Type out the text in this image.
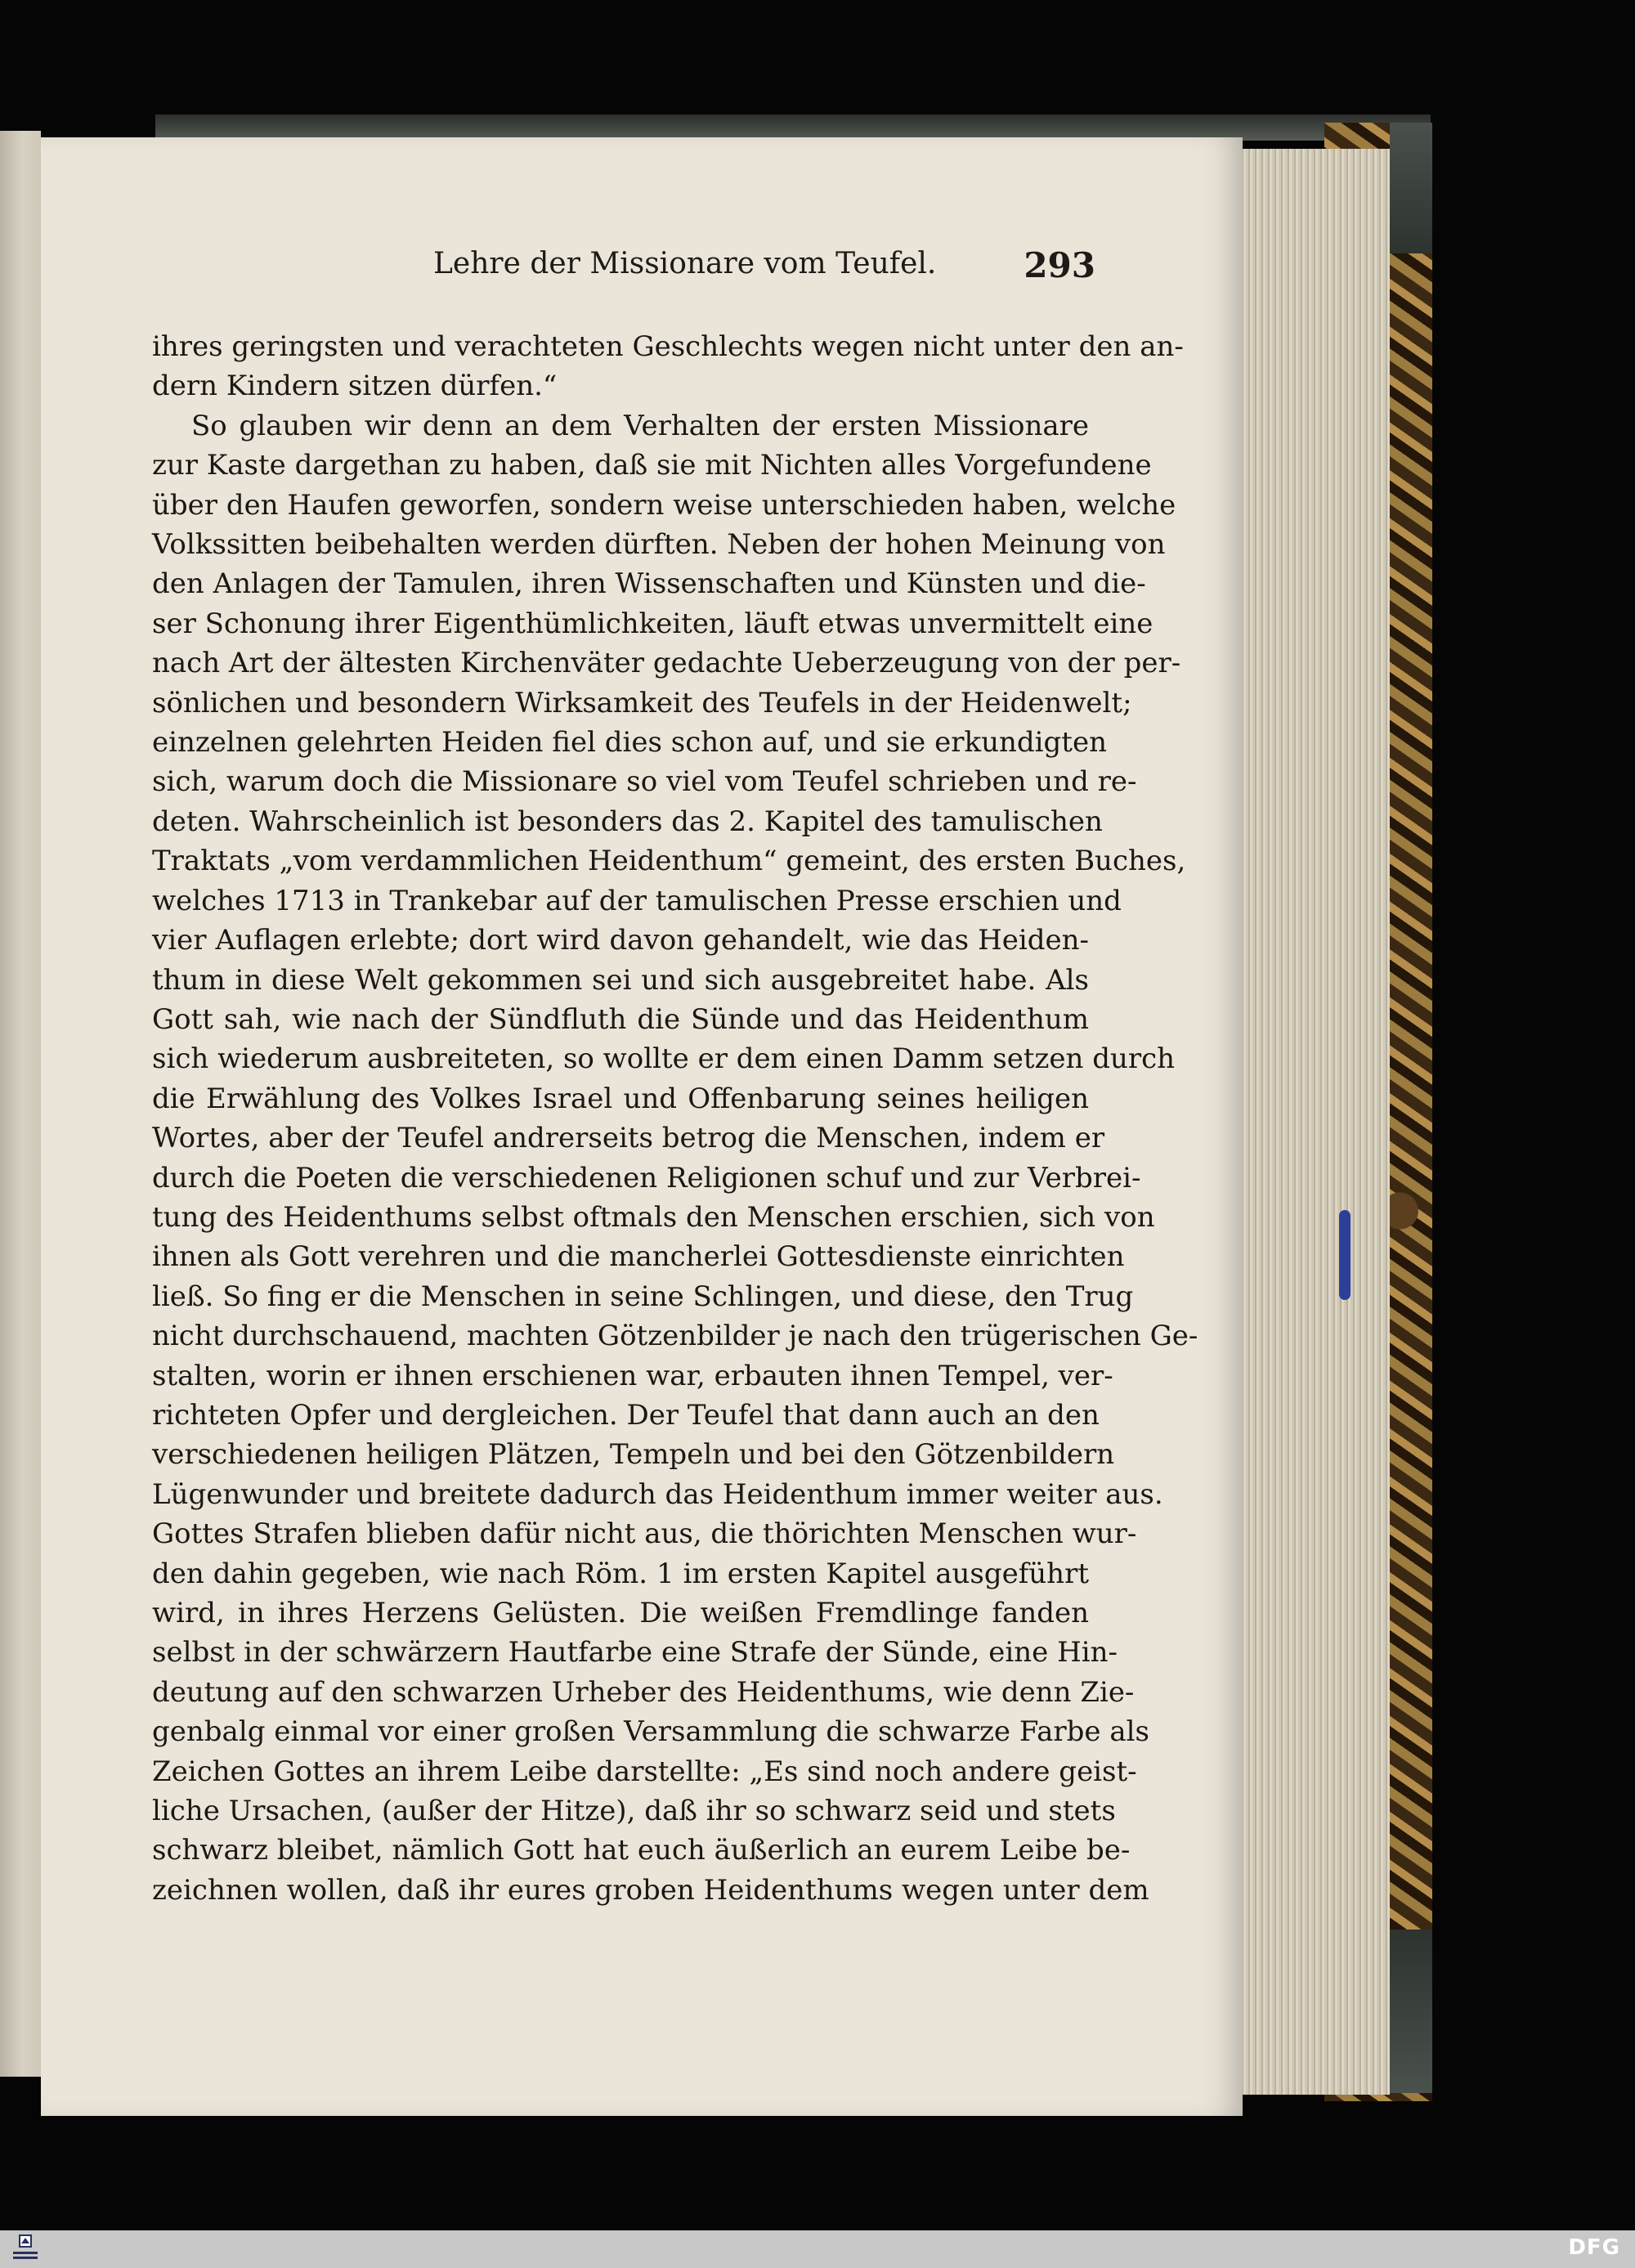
Lehre der Missionare vom Teufel.	293
ihres geringsten und verachteten Geschlechts wegen nicht unter den an-
dern Kindern sitzen dürfen.“
So glauben wir denn an dem Verhalten der ersten Missionare
zur Kaste dargethan zu haben, daß sie mit Nichten alles Vorgefundene
über den Haufen geworfen, sondern weise unterschieden haben, welche
Volkssitten beibehalten werden dürften. Neben der hohen Meinung von
den Anlagen der Tamulen, ihren Wissenschaften und Künsten und die-
ser Schonung ihrer Eigenthümlichkeiten, läuft etwas unvermittelt eine
nach Art der ältesten Kirchenväter gedachte Ueberzeugung von der per-
sönlichen und besondern Wirksamkeit des Teufels in der Heidenwelt;
einzelnen gelehrten Heiden fiel dies schon auf, und sie erkundigten
sich, warum doch die Missionare so viel vom Teufel schrieben und re-
deten. Wahrscheinlich ist besonders das 2. Kapitel des tamulischen
Traktats „vom verdammlichen Heidenthum“ gemeint, des ersten Buches,
welches 1713 in Trankebar auf der tamulischen Presse erschien und
vier Auflagen erlebte; dort wird davon gehandelt, wie das Heiden-
thum in diese Welt gekommen sei und sich ausgebreitet habe. Als
Gott sah, wie nach der Sündfluth die Sünde und das Heidenthum
sich wiederum ausbreiteten, so wollte er dem einen Damm setzen durch
die Erwählung des Volkes Israel und Offenbarung seines heiligen
Wortes, aber der Teufel andrerseits betrog die Menschen, indem er
durch die Poeten die verschiedenen Religionen schuf und zur Verbrei-
tung des Heidenthums selbst oftmals den Menschen erschien, sich von
ihnen als Gott verehren und die mancherlei Gottesdienste einrichten
ließ. So fing er die Menschen in seine Schlingen, und diese, den Trug
nicht durchschauend, machten Götzenbilder je nach den trügerischen Ge-
stalten, worin er ihnen erschienen war, erbauten ihnen Tempel, ver-
richteten Opfer und dergleichen. Der Teufel that dann auch an den
verschiedenen heiligen Plätzen, Tempeln und bei den Götzenbildern
Lügenwunder und breitete dadurch das Heidenthum immer weiter aus.
Gottes Strafen blieben dafür nicht aus, die thörichten Menschen wur-
den dahin gegeben, wie nach Röm. 1 im ersten Kapitel ausgeführt
wird, in ihres Herzens Gelüsten. Die weißen Fremdlinge fanden
selbst in der schwärzern Hautfarbe eine Strafe der Sünde, eine Hin-
deutung auf den schwarzen Urheber des Heidenthums, wie denn Zie-
genbalg einmal vor einer großen Versammlung die schwarze Farbe als
Zeichen Gottes an ihrem Leibe darstellte: „Es sind noch andere geist-
liche Ursachen, (außer der Hitze), daß ihr so schwarz seid und stets
schwarz bleibet, nämlich Gott hat euch äußerlich an eurem Leibe be-
zeichnen wollen, daß ihr eures groben Heidenthums wegen unter dem
DFG
